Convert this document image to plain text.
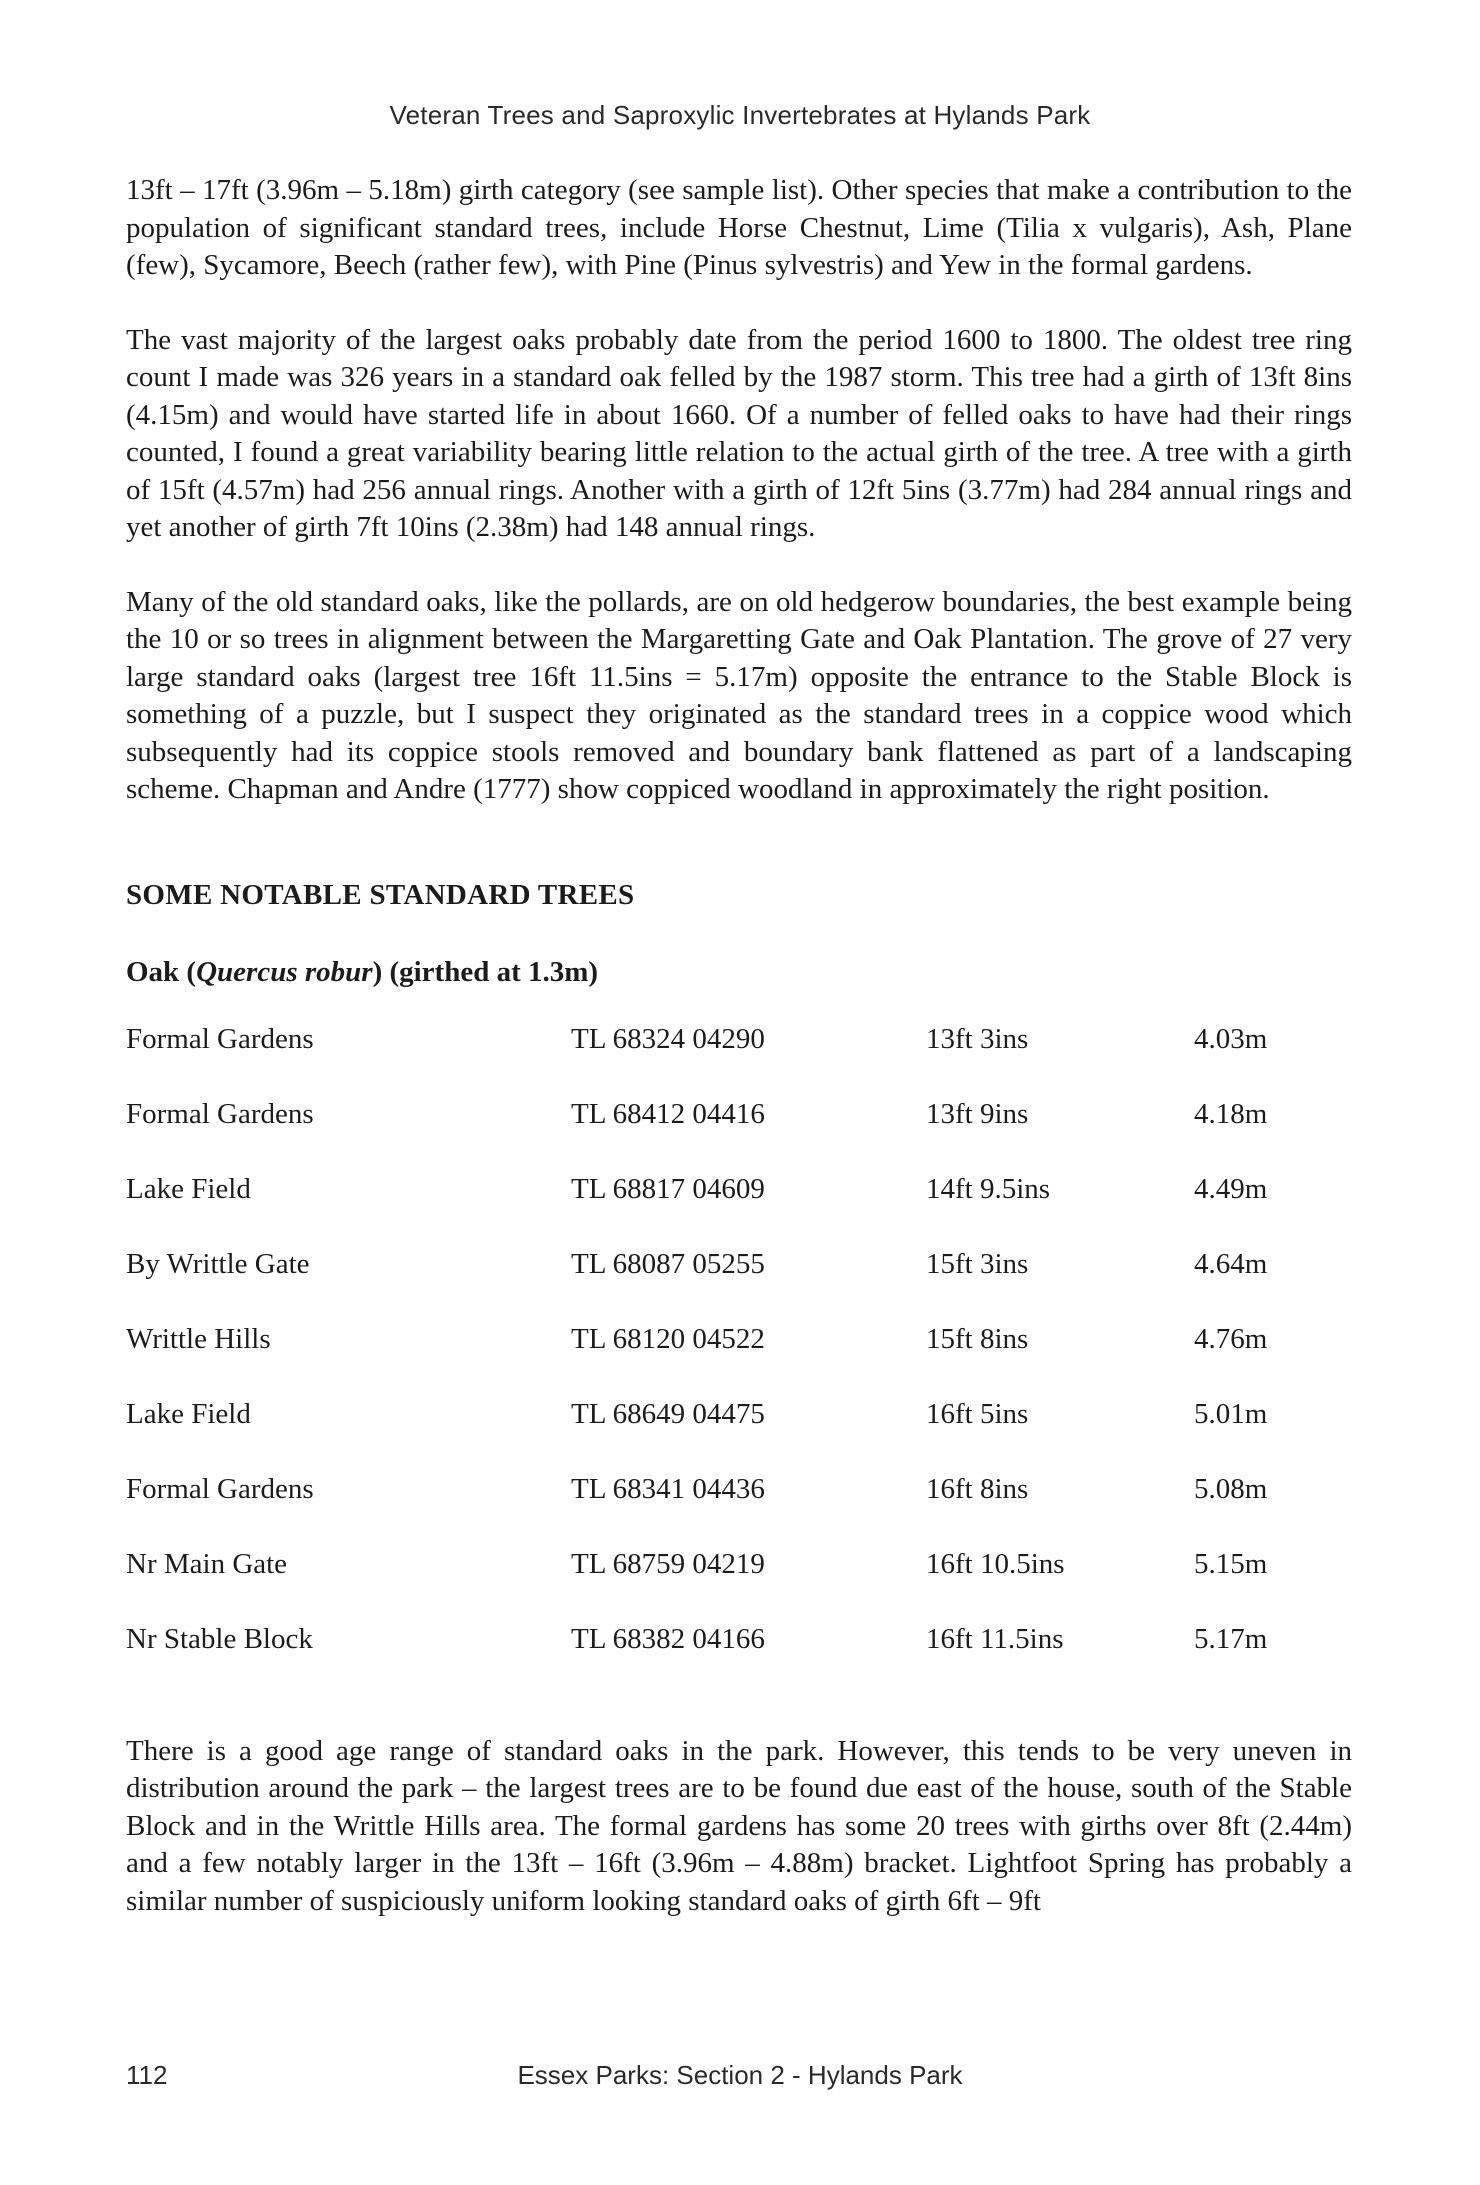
Veteran Trees and Saproxylic Invertebrates at Hylands Park

13ft – 17ft (3.96m – 5.18m) girth category (see sample list). Other species that make a contribution to the population of significant standard trees, include Horse Chestnut, Lime (Tilia x vulgaris), Ash, Plane (few), Sycamore, Beech (rather few), with Pine (Pinus sylvestris) and Yew in the formal gardens.

The vast majority of the largest oaks probably date from the period 1600 to 1800. The oldest tree ring count I made was 326 years in a standard oak felled by the 1987 storm. This tree had a girth of 13ft 8ins (4.15m) and would have started life in about 1660. Of a number of felled oaks to have had their rings counted, I found a great variability bearing little relation to the actual girth of the tree. A tree with a girth of 15ft (4.57m) had 256 annual rings. Another with a girth of 12ft 5ins (3.77m) had 284 annual rings and yet another of girth 7ft 10ins (2.38m) had 148 annual rings.

Many of the old standard oaks, like the pollards, are on old hedgerow boundaries, the best example being the 10 or so trees in alignment between the Margaretting Gate and Oak Plantation. The grove of 27 very large standard oaks (largest tree 16ft 11.5ins = 5.17m) opposite the entrance to the Stable Block is something of a puzzle, but I suspect they originated as the standard trees in a coppice wood which subsequently had its coppice stools removed and boundary bank flattened as part of a landscaping scheme. Chapman and Andre (1777) show coppiced woodland in approximately the right position.

SOME NOTABLE STANDARD TREES
Oak (Quercus robur) (girthed at 1.3m)
Formal Gardens	TL 68324 04290	13ft 3ins	4.03m
Formal Gardens	TL 68412 04416	13ft 9ins	4.18m
Lake Field	TL 68817 04609	14ft 9.5ins	4.49m
By Writtle Gate	TL 68087 05255	15ft 3ins	4.64m
Writtle Hills	TL 68120 04522	15ft 8ins	4.76m
Lake Field	TL 68649 04475	16ft 5ins	5.01m
Formal Gardens	TL 68341 04436	16ft 8ins	5.08m
Nr Main Gate	TL 68759 04219	16ft 10.5ins	5.15m
Nr Stable Block	TL 68382 04166	16ft 11.5ins	5.17m

There is a good age range of standard oaks in the park. However, this tends to be very uneven in distribution around the park – the largest trees are to be found due east of the house, south of the Stable Block and in the Writtle Hills area. The formal gardens has some 20 trees with girths over 8ft (2.44m) and a few notably larger in the 13ft – 16ft (3.96m – 4.88m) bracket. Lightfoot Spring has probably a similar number of suspiciously uniform looking standard oaks of girth 6ft – 9ft

112	Essex Parks: Section 2 - Hylands Park
